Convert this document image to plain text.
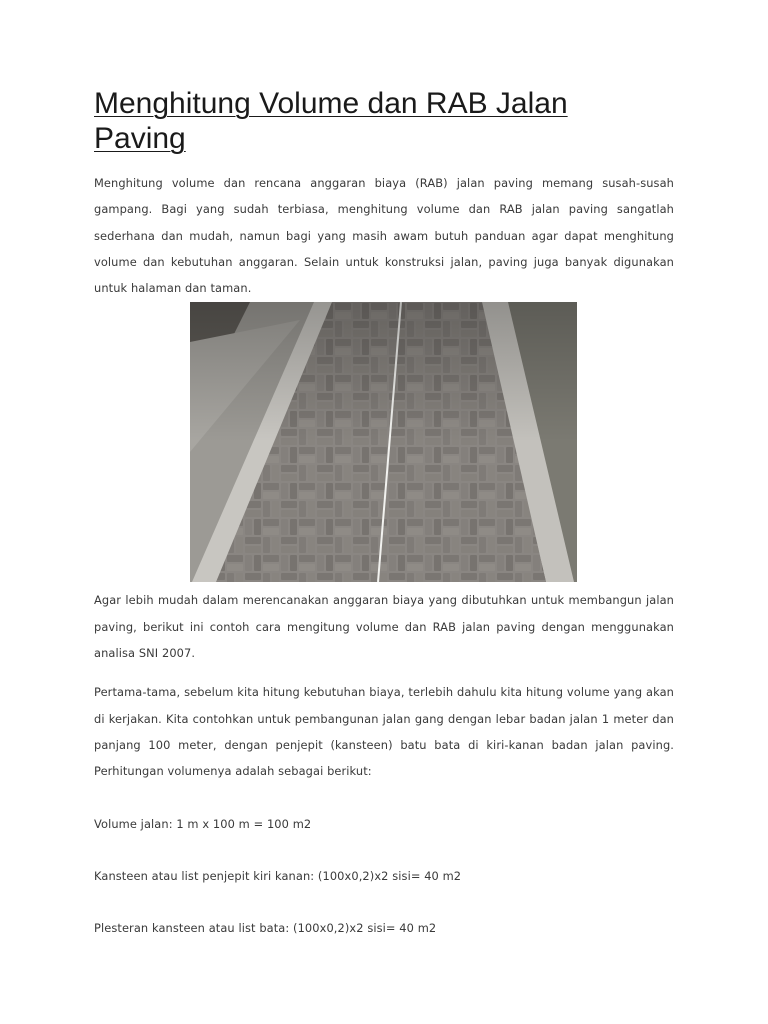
Menghitung Volume dan RAB Jalan Paving

Menghitung volume dan rencana anggaran biaya (RAB) jalan paving memang susah-susah gampang. Bagi yang sudah terbiasa, menghitung volume dan RAB jalan paving sangatlah sederhana dan mudah, namun bagi yang masih awam butuh panduan agar dapat menghitung volume dan kebutuhan anggaran. Selain untuk konstruksi jalan, paving juga banyak digunakan untuk halaman dan taman.

Agar lebih mudah dalam merencanakan anggaran biaya yang dibutuhkan untuk membangun jalan paving, berikut ini contoh cara mengitung volume dan RAB jalan paving dengan menggunakan analisa SNI 2007.

Pertama-tama, sebelum kita hitung kebutuhan biaya, terlebih dahulu kita hitung volume yang akan di kerjakan. Kita contohkan untuk pembangunan jalan gang dengan lebar badan jalan 1 meter dan panjang 100 meter, dengan penjepit (kansteen) batu bata di kiri-kanan badan jalan paving. Perhitungan volumenya adalah sebagai berikut:

Volume jalan: 1 m x 100 m = 100 m2

Kansteen atau list penjepit kiri kanan: (100x0,2)x2 sisi= 40 m2

Plesteran kansteen atau list bata: (100x0,2)x2 sisi= 40 m2
